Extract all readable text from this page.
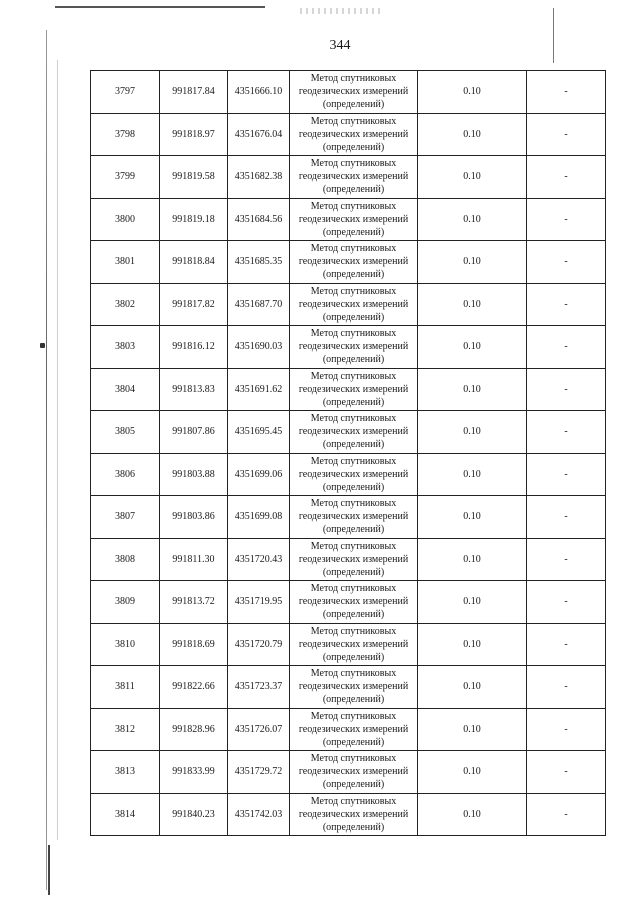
344
3797	991817.84	4351666.10	Метод спутниковых
геодезических измерений
(определений)	0.10	-
3798	991818.97	4351676.04	Метод спутниковых
геодезических измерений
(определений)	0.10	-
3799	991819.58	4351682.38	Метод спутниковых
геодезических измерений
(определений)	0.10	-
3800	991819.18	4351684.56	Метод спутниковых
геодезических измерений
(определений)	0.10	-
3801	991818.84	4351685.35	Метод спутниковых
геодезических измерений
(определений)	0.10	-
3802	991817.82	4351687.70	Метод спутниковых
геодезических измерений
(определений)	0.10	-
3803	991816.12	4351690.03	Метод спутниковых
геодезических измерений
(определений)	0.10	-
3804	991813.83	4351691.62	Метод спутниковых
геодезических измерений
(определений)	0.10	-
3805	991807.86	4351695.45	Метод спутниковых
геодезических измерений
(определений)	0.10	-
3806	991803.88	4351699.06	Метод спутниковых
геодезических измерений
(определений)	0.10	-
3807	991803.86	4351699.08	Метод спутниковых
геодезических измерений
(определений)	0.10	-
3808	991811.30	4351720.43	Метод спутниковых
геодезических измерений
(определений)	0.10	-
3809	991813.72	4351719.95	Метод спутниковых
геодезических измерений
(определений)	0.10	-
3810	991818.69	4351720.79	Метод спутниковых
геодезических измерений
(определений)	0.10	-
3811	991822.66	4351723.37	Метод спутниковых
геодезических измерений
(определений)	0.10	-
3812	991828.96	4351726.07	Метод спутниковых
геодезических измерений
(определений)	0.10	-
3813	991833.99	4351729.72	Метод спутниковых
геодезических измерений
(определений)	0.10	-
3814	991840.23	4351742.03	Метод спутниковых
геодезических измерений
(определений)	0.10	-
